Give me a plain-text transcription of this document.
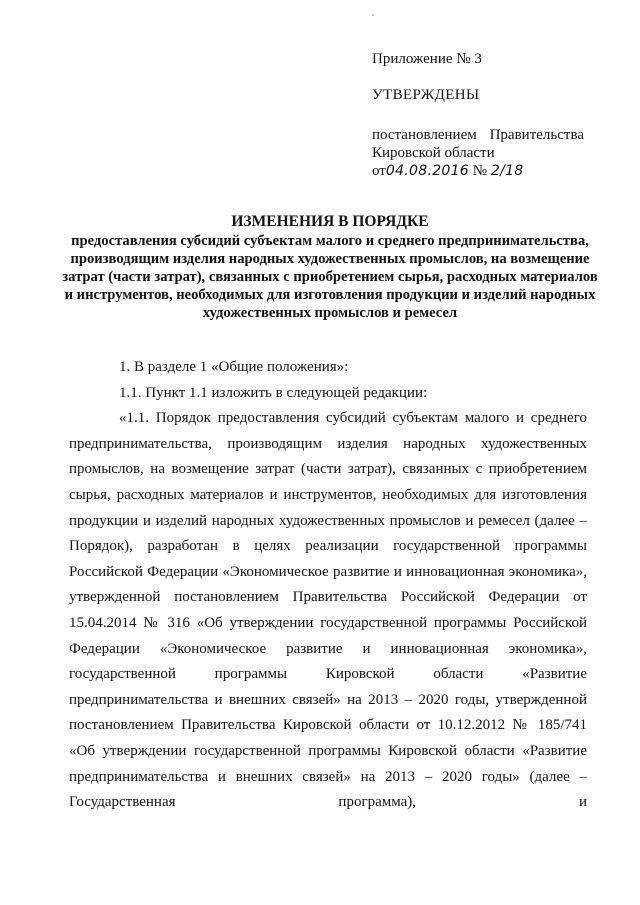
Приложение № 3
УТВЕРЖДЕНЫ
постановлением Правительства
Кировской области
от04.08.2016 № 2/18
ИЗМЕНЕНИЯ В ПОРЯДКЕ
предоставления субсидий субъектам малого и среднего предпринимательства, производящим изделия народных художественных промыслов, на возмещение затрат (части затрат), связанных с приобретением сырья, расходных материалов и инструментов, необходимых для изготовления продукции и изделий народных художественных промыслов и ремесел

1. В разделе 1 «Общие положения»:

1.1. Пункт 1.1 изложить в следующей редакции:

«1.1. Порядок предоставления субсидий субъектам малого и среднего предпринимательства, производящим изделия народных художественных промыслов, на возмещение затрат (части затрат), связанных с приобретением сырья, расходных материалов и инструментов, необходимых для изготовления продукции и изделий народных художественных промыслов и ремесел (далее – Порядок), разработан в целях реализации государственной программы Российской Федерации «Экономическое развитие и инновационная экономика», утвержденной постановлением Правительства Российской Федерации от 15.04.2014 № 316 «Об утверждении государственной программы Российской Федерации «Экономическое развитие и инновационная экономика», государственной программы Кировской области «Развитие предпринимательства и внешних связей» на 2013 – 2020 годы, утвержденной постановлением Правительства Кировской области от 10.12.2012 № 185/741 «Об утверждении государственной программы Кировской области «Развитие предпринимательства и внешних связей» на 2013 – 2020 годы» (далее – Государственная программа), и
